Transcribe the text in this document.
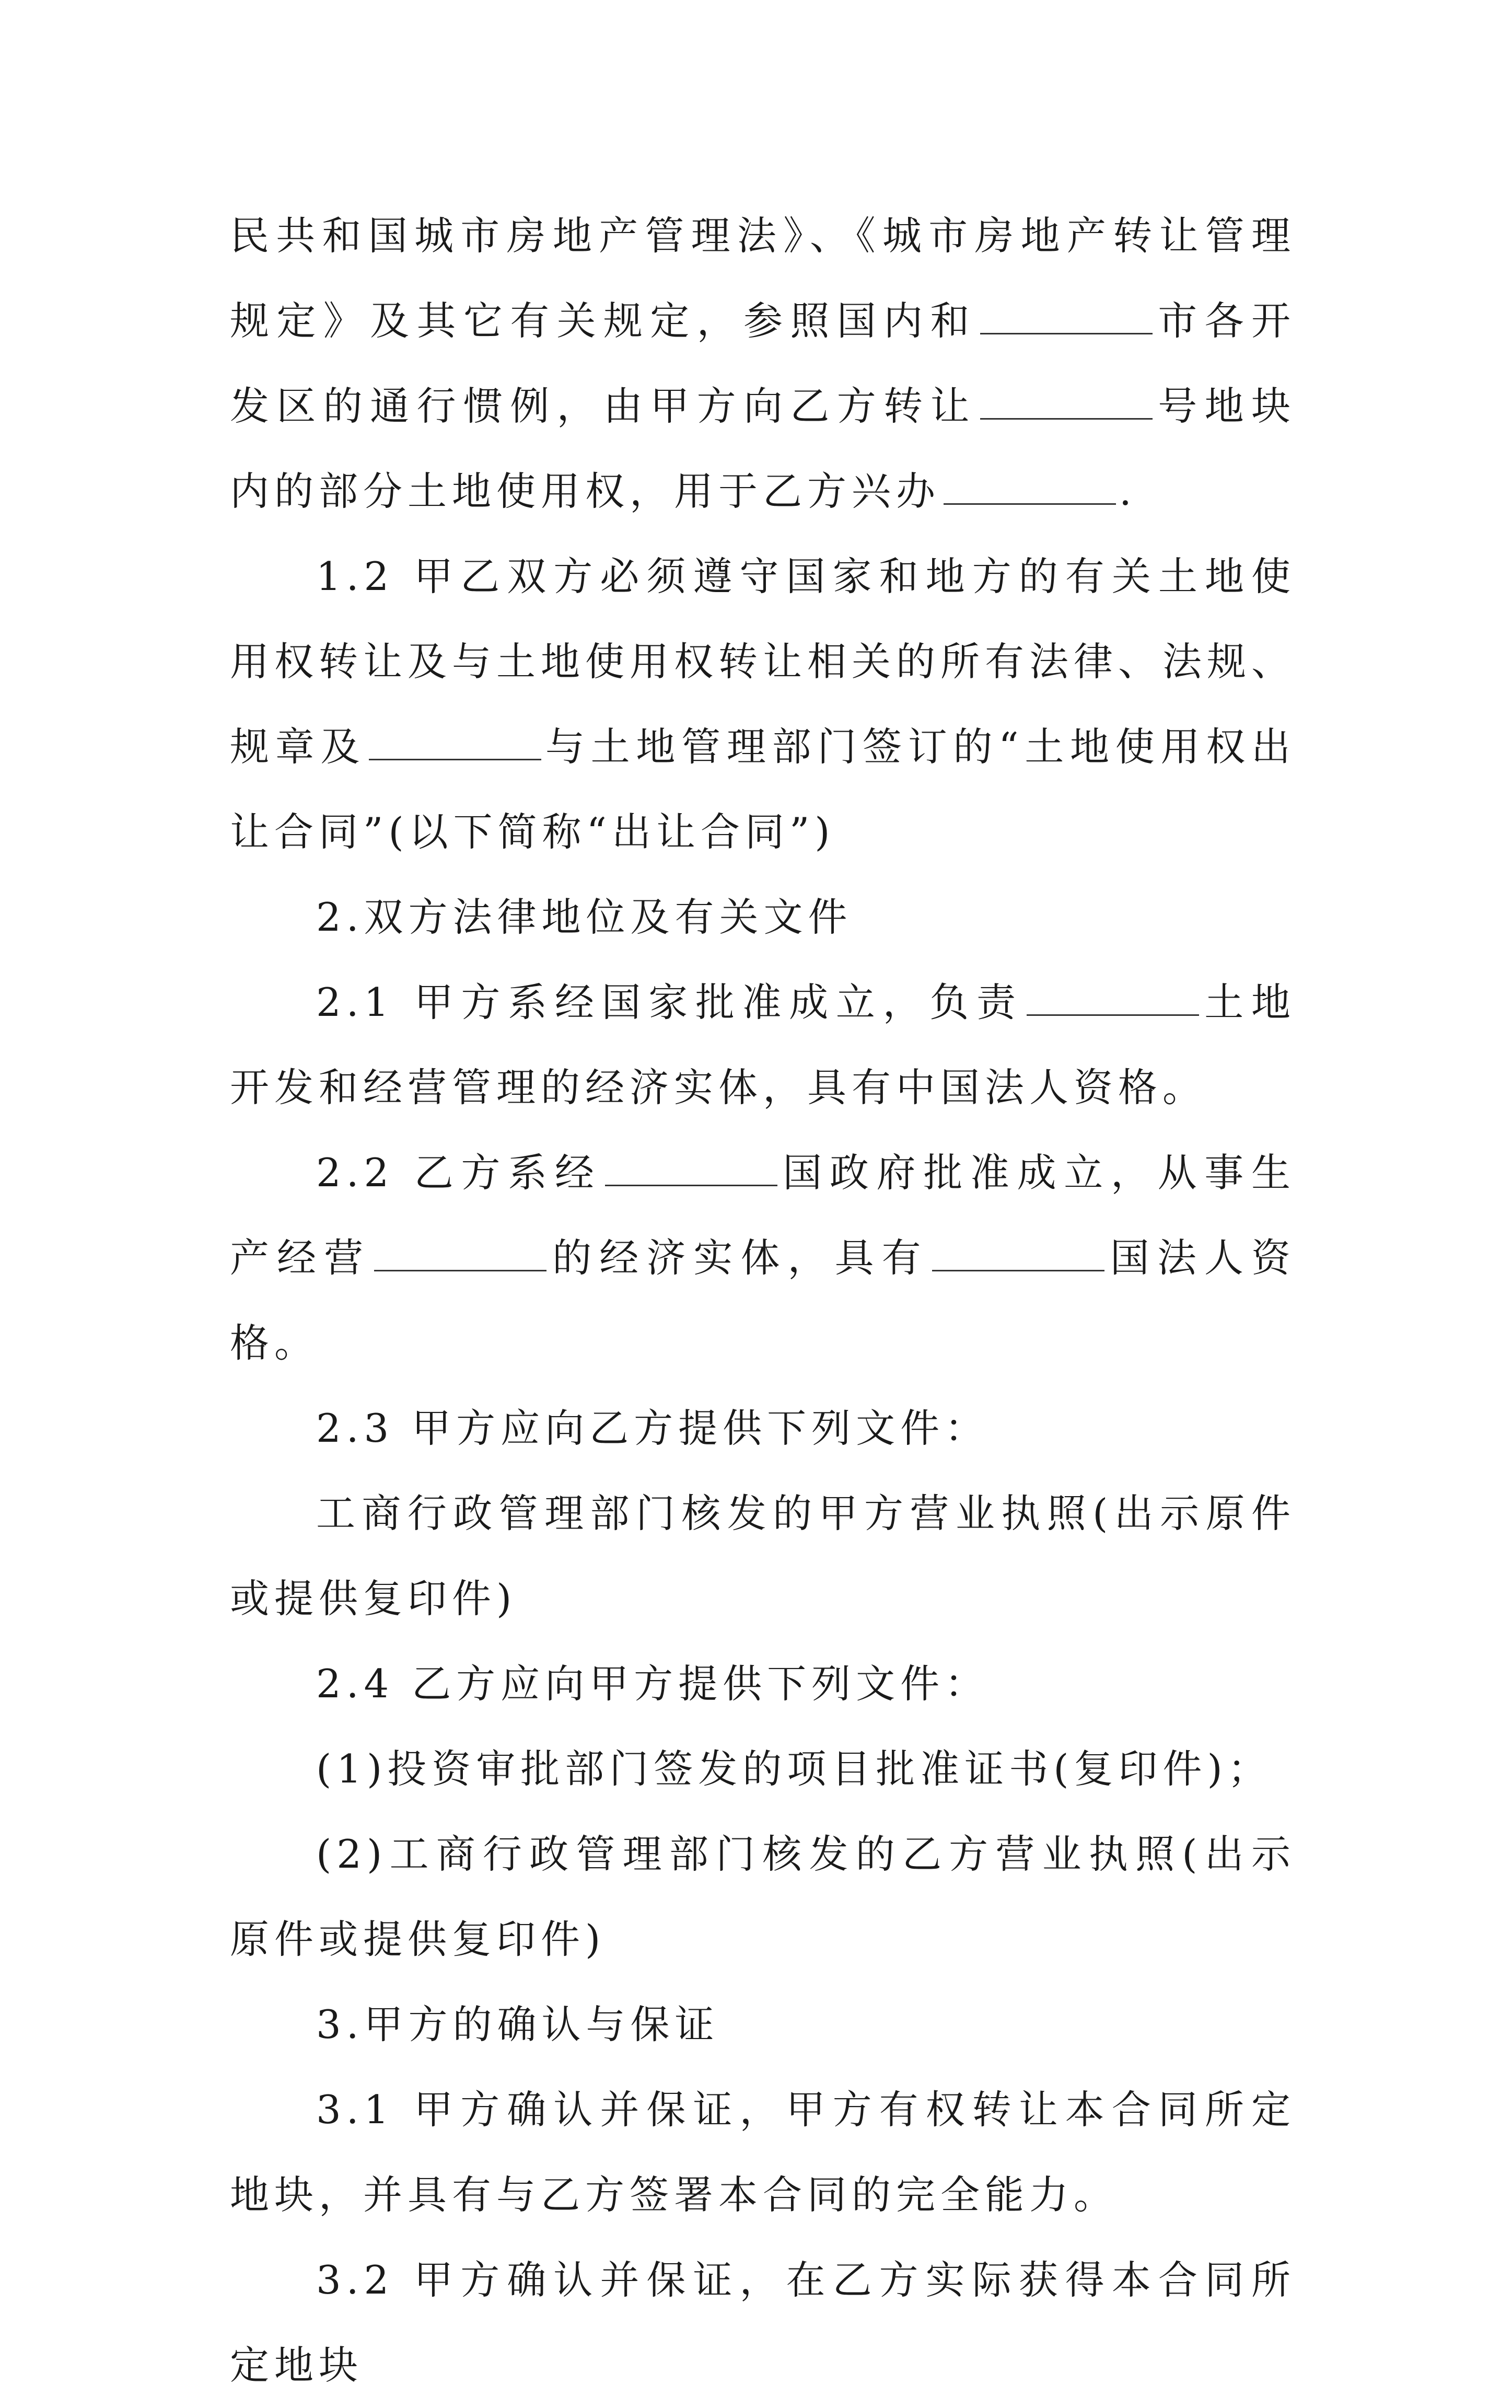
民共和国城市房地产管理法》、《城市房地产转让管理规定》及其它有关规定，参照国内和	市各开发区的通行惯例，由甲方向乙方转让	号地块内的部分土地使用权，用于乙方兴办	.

1.2 甲乙双方必须遵守国家和地方的有关土地使用权转让及与土地使用权转让相关的所有法律、法规、规章及	与土地管理部门签订的“土地使用权出让合同”(以下简称“出让合同”)

2.双方法律地位及有关文件

2.1 甲方系经国家批准成立，负责	土地开发和经营管理的经济实体，具有中国法人资格。

2.2 乙方系经	国政府批准成立，从事生产经营	的经济实体，具有	国法人资格。

2.3 甲方应向乙方提供下列文件：

工商行政管理部门核发的甲方营业执照(出示原件或提供复印件)

2.4 乙方应向甲方提供下列文件：

(1)投资审批部门签发的项目批准证书(复印件)；

(2)工商行政管理部门核发的乙方营业执照(出示原件或提供复印件)

3.甲方的确认与保证

3.1 甲方确认并保证，甲方有权转让本合同所定地块，并具有与乙方签署本合同的完全能力。

3.2 甲方确认并保证，在乙方实际获得本合同所定地块
